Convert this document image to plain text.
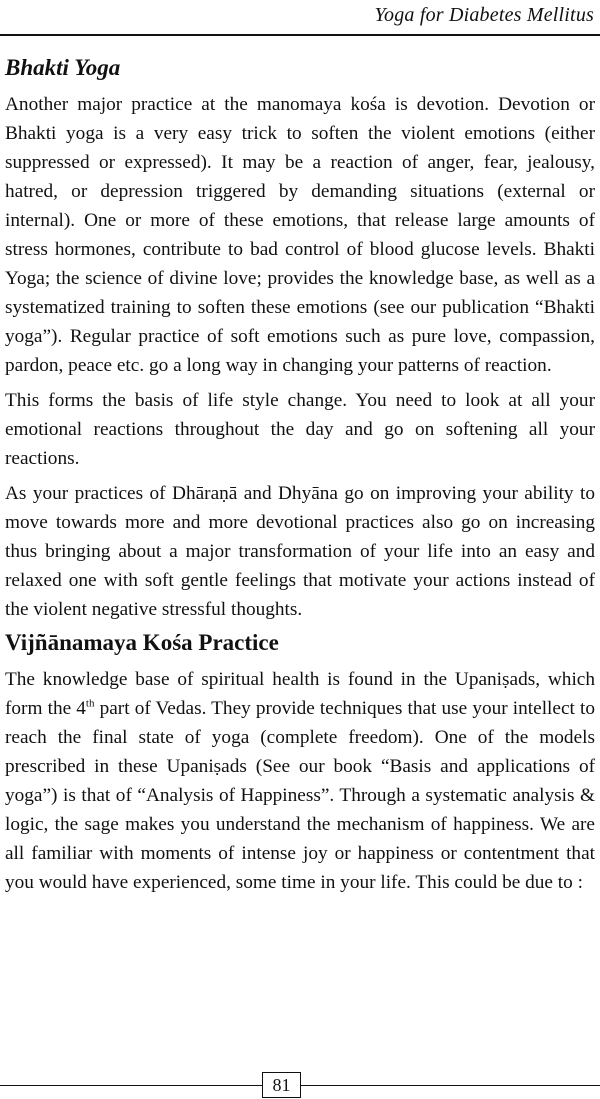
Yoga for Diabetes Mellitus
Bhakti Yoga

Another major practice at the manomaya kośa is devotion. Devotion or Bhakti yoga is a very easy trick to soften the violent emotions (either suppressed or expressed). It may be a reaction of anger, fear, jealousy, hatred, or depression triggered by demanding situations (external or internal). One or more of these emotions, that release large amounts of stress hormones, contribute to bad control of blood glucose levels. Bhakti Yoga; the science of divine love; provides the knowledge base, as well as a systematized training to soften these emotions (see our publication “Bhakti yoga”). Regular practice of soft emotions such as pure love, compassion, pardon, peace etc. go a long way in changing your patterns of reaction.

This forms the basis of life style change. You need to look at all your emotional reactions throughout the day and go on softening all your reactions.

As your practices of Dhāraṇā and Dhyāna go on improving your ability to move towards more and more devotional practices also go on increasing thus bringing about a major transformation of your life into an easy and relaxed one with soft gentle feelings that motivate your actions instead of the violent negative stressful thoughts.

Vijñānamaya Kośa Practice

The knowledge base of spiritual health is found in the Upaniṣads, which form the 4th part of Vedas. They provide techniques that use your intellect to reach the final state of yoga (complete freedom). One of the models prescribed in these Upaniṣads (See our book “Basis and applications of yoga”) is that of “Analysis of Happiness”. Through a systematic analysis & logic, the sage makes you understand the mechanism of happiness. We are all familiar with moments of intense joy or happiness or contentment that you would have experienced, some time in your life. This could be due to :

81
